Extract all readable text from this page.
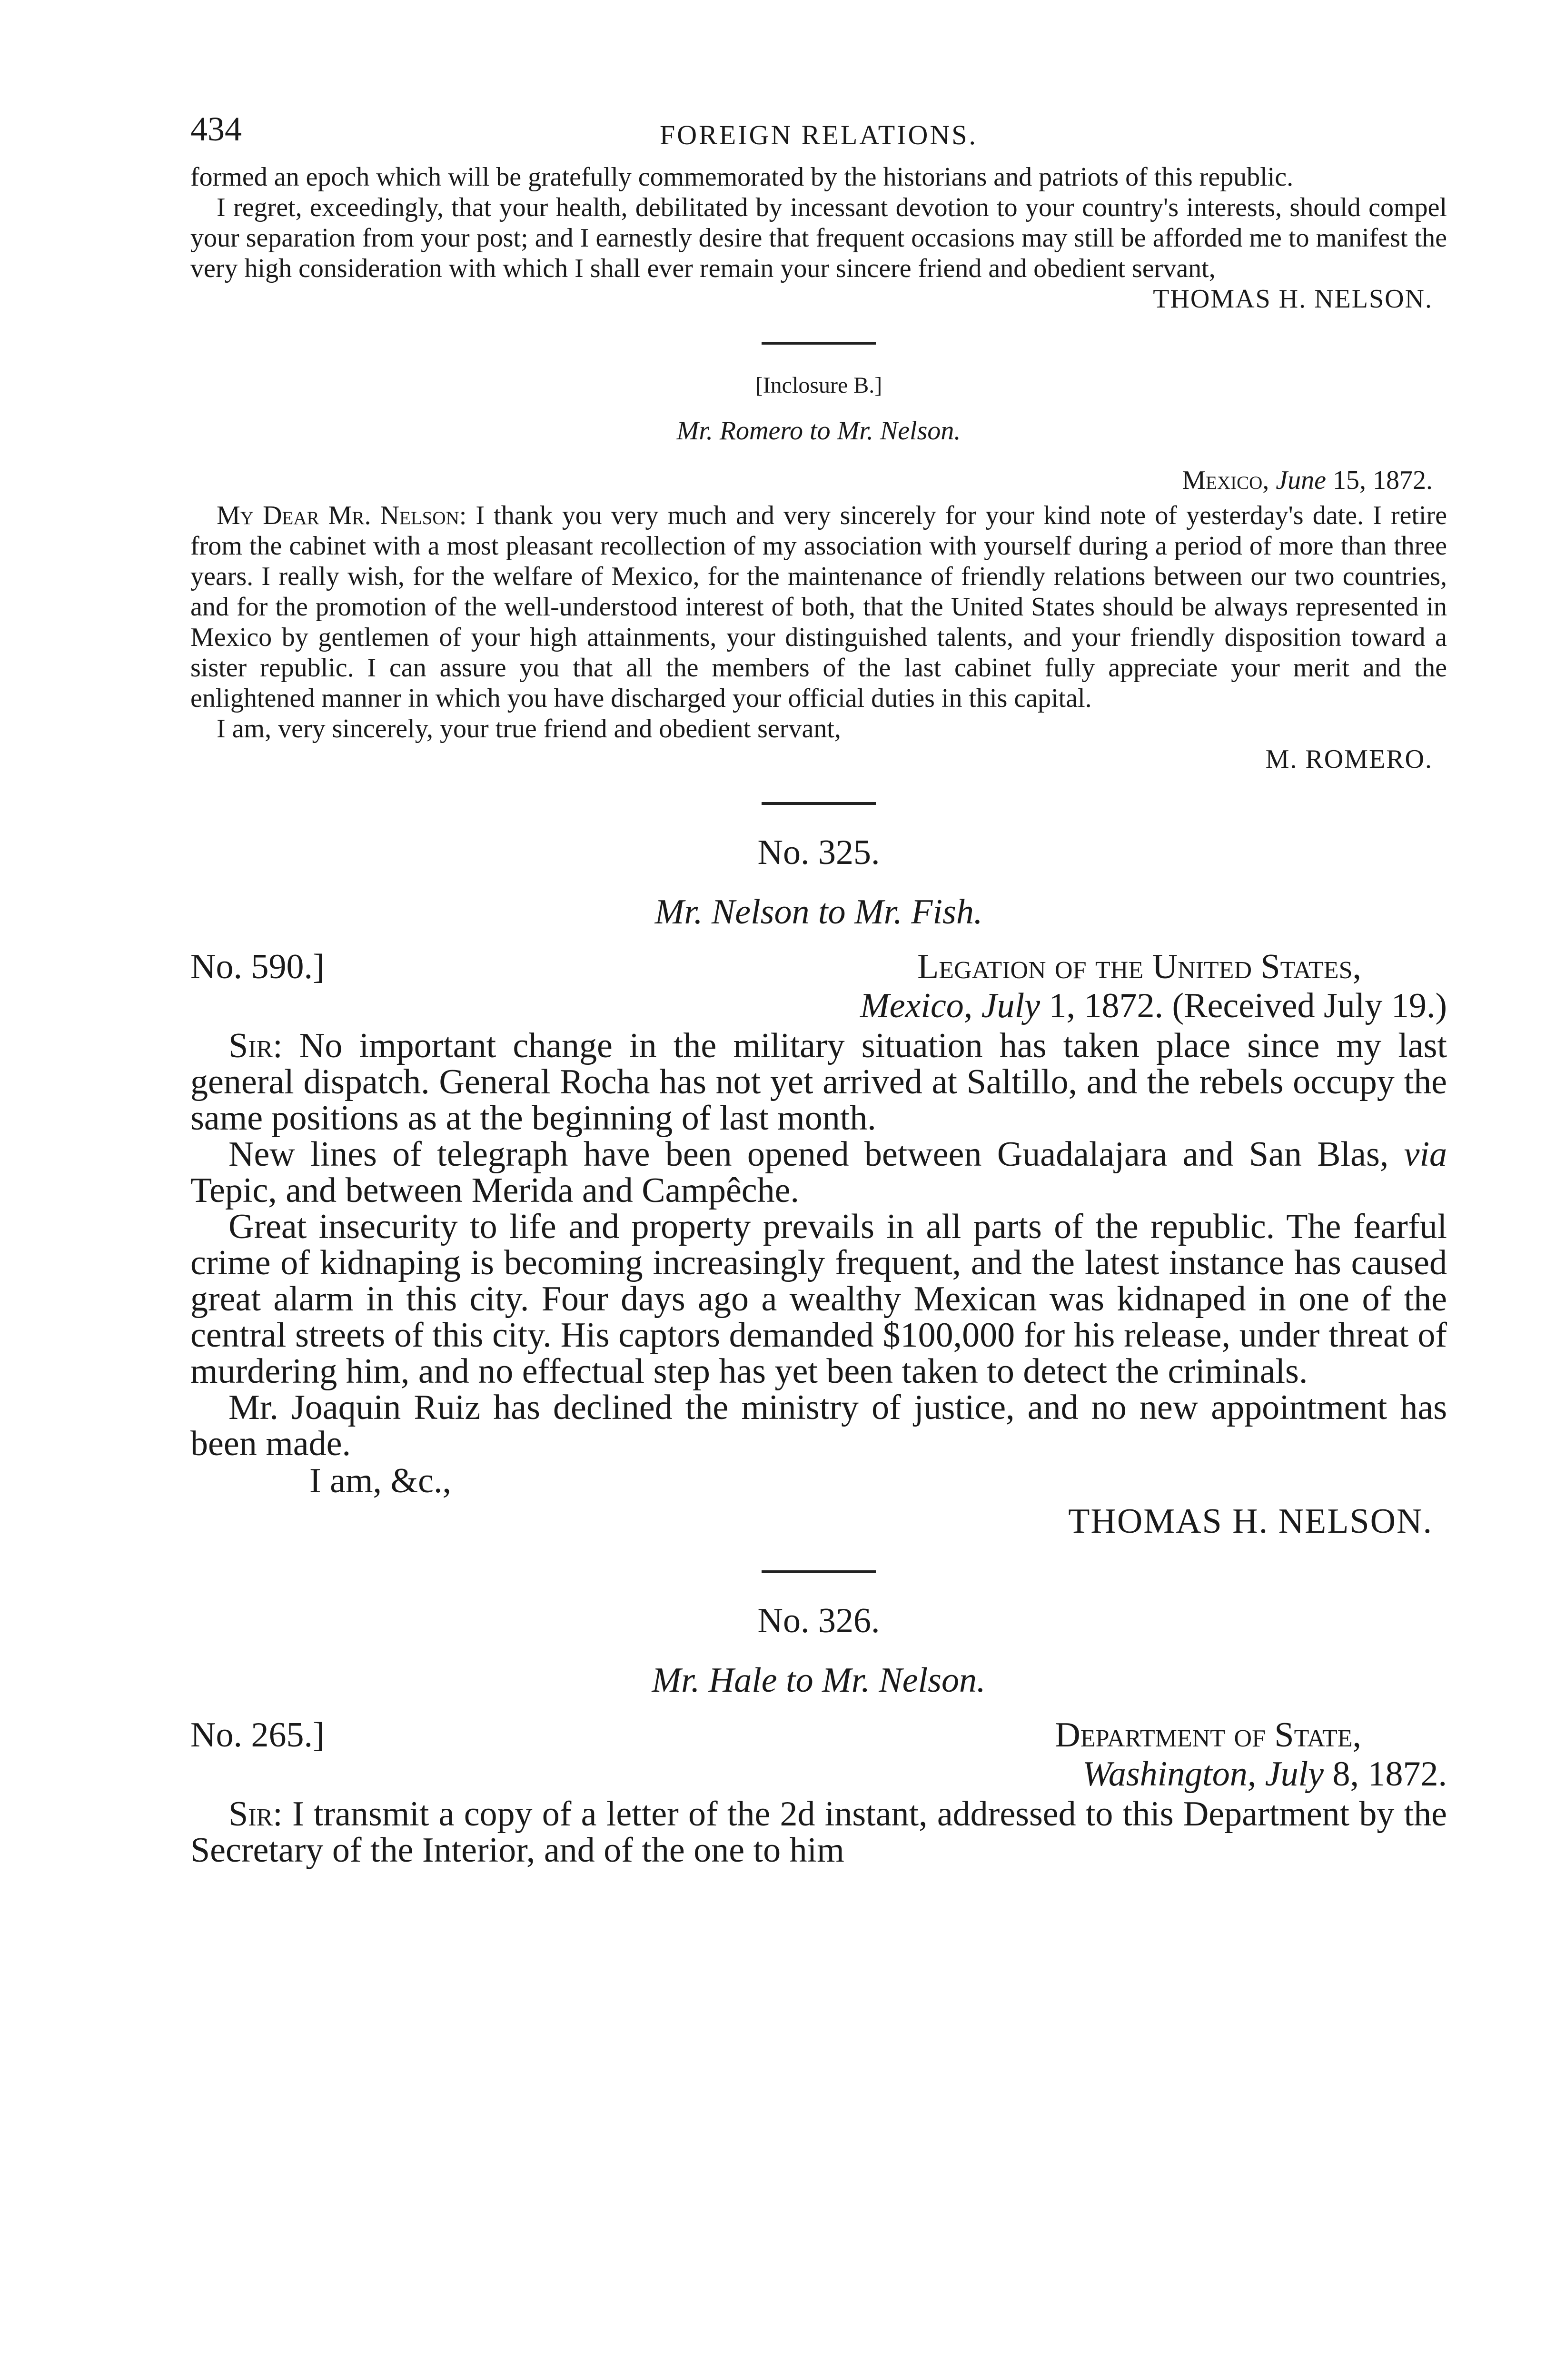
434	FOREIGN RELATIONS.

formed an epoch which will be gratefully commemorated by the historians and patriots of this republic.

I regret, exceedingly, that your health, debilitated by incessant devotion to your country's interests, should compel your separation from your post; and I earnestly desire that frequent occasions may still be afforded me to manifest the very high consideration with which I shall ever remain your sincere friend and obedient servant,

THOMAS H. NELSON.
[Inclosure B.]
Mr. Romero to Mr. Nelson.
Mexico, June 15, 1872.

My Dear Mr. Nelson: I thank you very much and very sincerely for your kind note of yesterday's date. I retire from the cabinet with a most pleasant recollection of my association with yourself during a period of more than three years. I really wish, for the welfare of Mexico, for the maintenance of friendly relations between our two countries, and for the promotion of the well-understood interest of both, that the United States should be always represented in Mexico by gentlemen of your high attainments, your distinguished talents, and your friendly disposition toward a sister republic. I can assure you that all the members of the last cabinet fully appreciate your merit and the enlightened manner in which you have discharged your official duties in this capital.

I am, very sincerely, your true friend and obedient servant,

M. ROMERO.
No. 325.
Mr. Nelson to Mr. Fish.
No. 590.]	Legation of the United States,
Mexico, July 1, 1872. (Received July 19.)

Sir: No important change in the military situation has taken place since my last general dispatch. General Rocha has not yet arrived at Saltillo, and the rebels occupy the same positions as at the beginning of last month.

New lines of telegraph have been opened between Guadalajara and San Blas, via Tepic, and between Merida and Campêche.

Great insecurity to life and property prevails in all parts of the republic. The fearful crime of kidnaping is becoming increasingly frequent, and the latest instance has caused great alarm in this city. Four days ago a wealthy Mexican was kidnaped in one of the central streets of this city. His captors demanded $100,000 for his release, under threat of murdering him, and no effectual step has yet been taken to detect the criminals.

Mr. Joaquin Ruiz has declined the ministry of justice, and no new appointment has been made.

I am, &c.,
THOMAS H. NELSON.
No. 326.
Mr. Hale to Mr. Nelson.
No. 265.]	Department of State,
Washington, July 8, 1872.

Sir: I transmit a copy of a letter of the 2d instant, addressed to this Department by the Secretary of the Interior, and of the one to him
